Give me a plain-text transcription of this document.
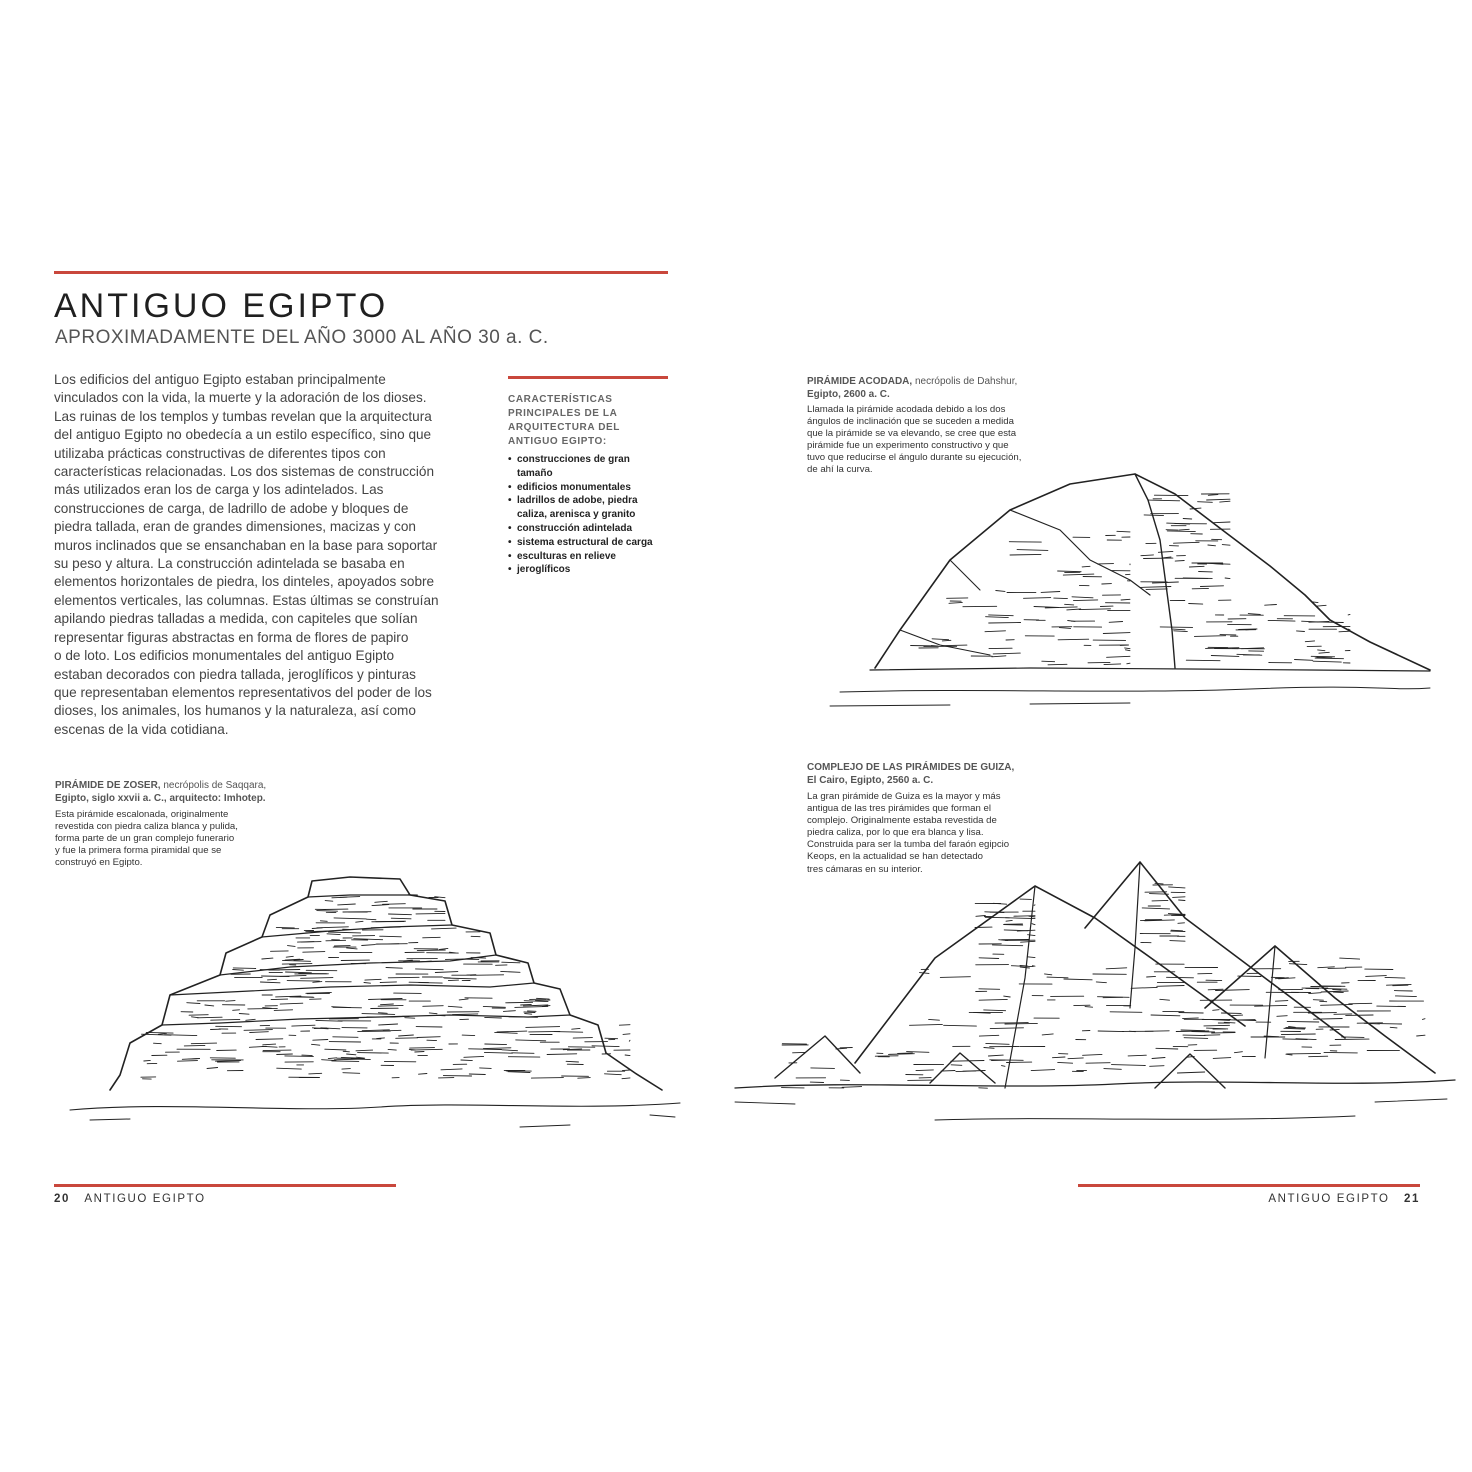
ANTIGUO EGIPTO
APROXIMADAMENTE DEL AÑO 3000 AL AÑO 30 a. C.
Los edificios del antiguo Egipto estaban principalmente
vinculados con la vida, la muerte y la adoración de los dioses.
Las ruinas de los templos y tumbas revelan que la arquitectura
del antiguo Egipto no obedecía a un estilo específico, sino que
utilizaba prácticas constructivas de diferentes tipos con
características relacionadas. Los dos sistemas de construcción
más utilizados eran los de carga y los adintelados. Las
construcciones de carga, de ladrillo de adobe y bloques de
piedra tallada, eran de grandes dimensiones, macizas y con
muros inclinados que se ensanchaban en la base para soportar
su peso y altura. La construcción adintelada se basaba en
elementos horizontales de piedra, los dinteles, apoyados sobre
elementos verticales, las columnas. Estas últimas se construían
apilando piedras talladas a medida, con capiteles que solían
representar figuras abstractas en forma de flores de papiro
o de loto. Los edificios monumentales del antiguo Egipto
estaban decorados con piedra tallada, jeroglíficos y pinturas
que representaban elementos representativos del poder de los
dioses, los animales, los humanos y la naturaleza, así como
escenas de la vida cotidiana.
CARACTERÍSTICAS
PRINCIPALES DE LA
ARQUITECTURA DEL
ANTIGUO EGIPTO:
• construcciones de gran tamaño
• edificios monumentales
• ladrillos de adobe, piedra caliza, arenisca y granito
• construcción adintelada
• sistema estructural de carga
• esculturas en relieve
• jeroglíficos
PIRÁMIDE DE ZOSER, necrópolis de Saqqara,
Egipto, siglo xxvii a. C., arquitecto: Imhotep.
Esta pirámide escalonada, originalmente
revestida con piedra caliza blanca y pulida,
forma parte de un gran complejo funerario
y fue la primera forma piramidal que se
construyó en Egipto.
20 ANTIGUO EGIPTO
PIRÁMIDE ACODADA, necrópolis de Dahshur,
Egipto, 2600 a. C.
Llamada la pirámide acodada debido a los dos
ángulos de inclinación que se suceden a medida
que la pirámide se va elevando, se cree que esta
pirámide fue un experimento constructivo y que
tuvo que reducirse el ángulo durante su ejecución,
de ahí la curva.
COMPLEJO DE LAS PIRÁMIDES DE GUIZA,
El Cairo, Egipto, 2560 a. C.
La gran pirámide de Guiza es la mayor y más
antigua de las tres pirámides que forman el
complejo. Originalmente estaba revestida de
piedra caliza, por lo que era blanca y lisa.
Construida para ser la tumba del faraón egipcio
Keops, en la actualidad se han detectado
tres cámaras en su interior.
ANTIGUO EGIPTO 21
